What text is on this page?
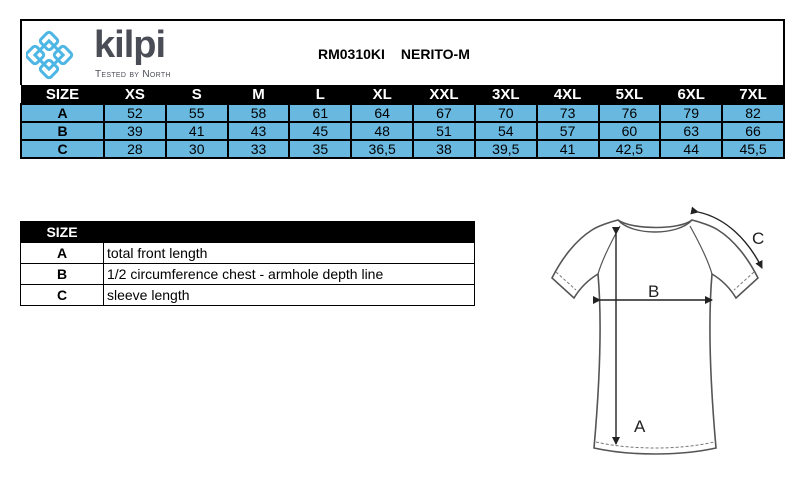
kilpi
Tested by North
RM0310KI NERITO-M
SIZE	XS	S	M	L	XL	XXL	3XL	4XL	5XL	6XL	7XL
A	52	55	58	61	64	67	70	73	76	79	82
B	39	41	43	45	48	51	54	57	60	63	66
C	28	30	33	35	36,5	38	39,5	41	42,5	44	45,5
SIZE	
A	total front length
B	1/2 circumference chest - armhole depth line
C	sleeve length
A
B
C
